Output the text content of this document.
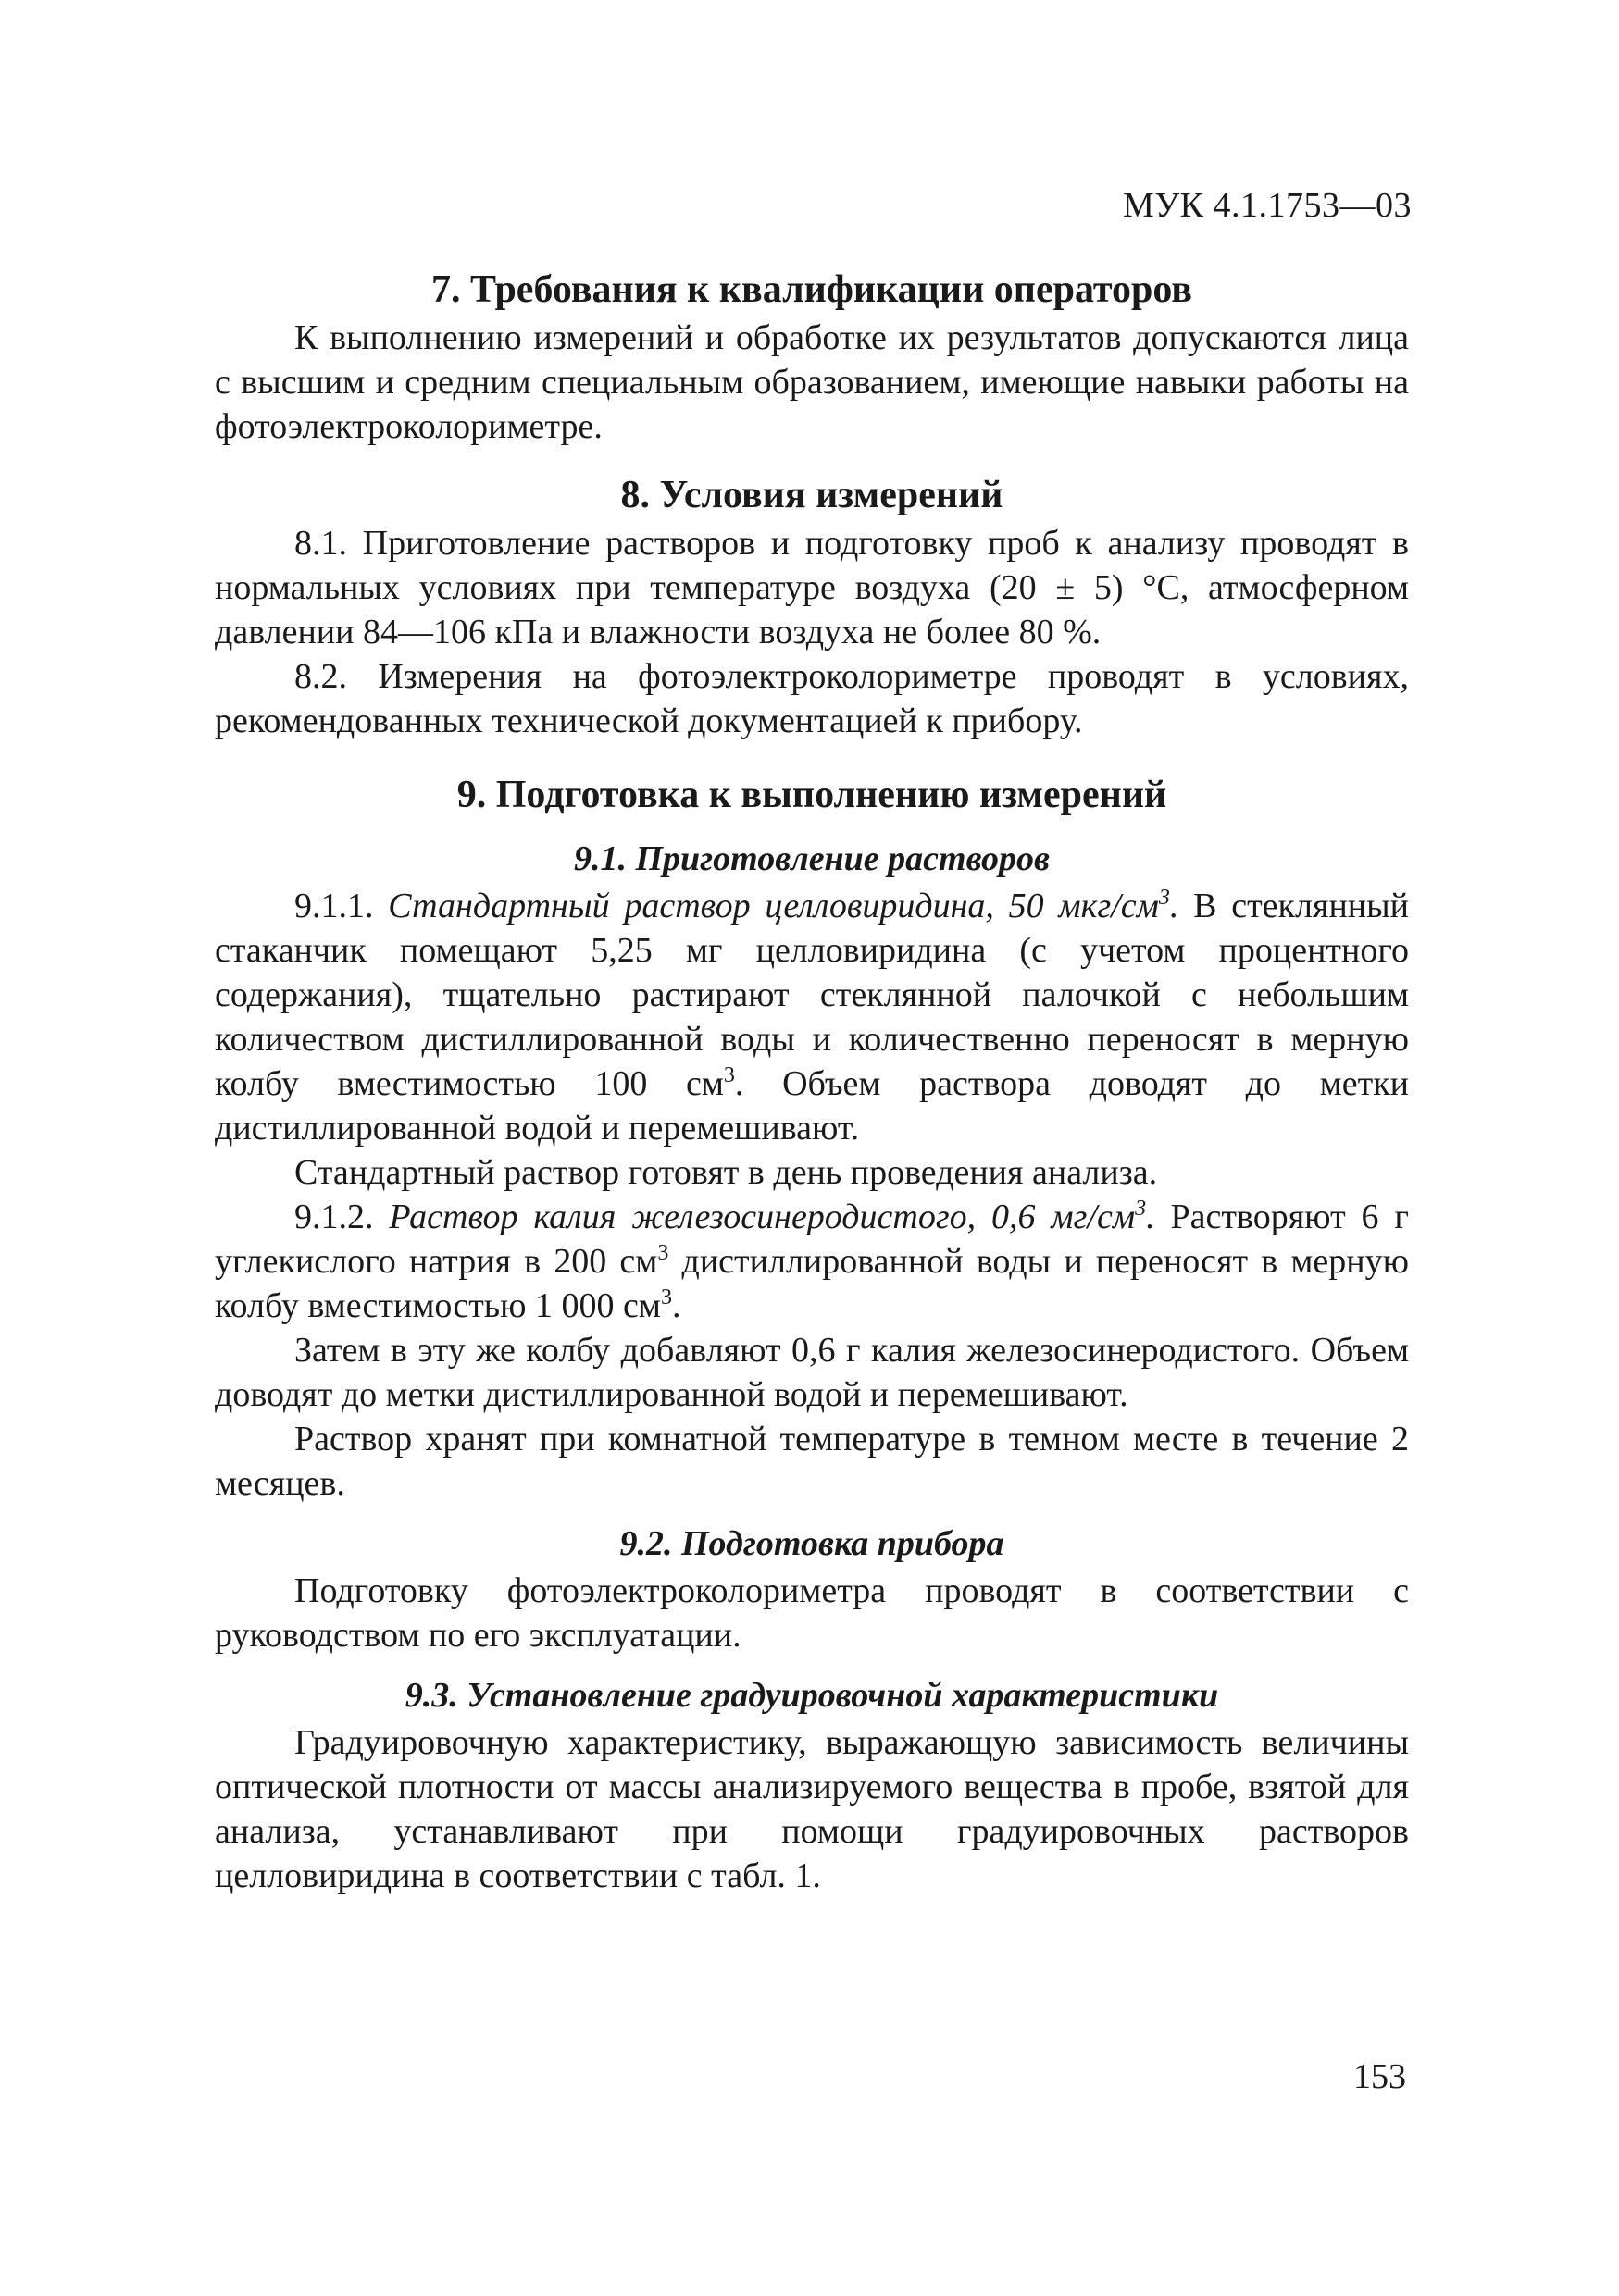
МУК 4.1.1753—03
7. Требования к квалификации операторов

К выполнению измерений и обработке их результатов допускаются лица с высшим и средним специальным образованием, имеющие навыки работы на фотоэлектроколориметре.

8. Условия измерений

8.1. Приготовление растворов и подготовку проб к анализу проводят в нормальных условиях при температуре воздуха (20 ± 5) °С, атмосферном давлении 84—106 кПа и влажности воздуха не более 80 %.

8.2. Измерения на фотоэлектроколориметре проводят в условиях, рекомендованных технической документацией к прибору.

9. Подготовка к выполнению измерений
9.1. Приготовление растворов

9.1.1. Стандартный раствор целловиридина, 50 мкг/$см^3$. В стеклянный стаканчик помещают 5,25 мг целловиридина (с учетом процентного содержания), тщательно растирают стеклянной палочкой с небольшим количеством дистиллированной воды и количественно переносят в мерную колбу вместимостью 100 $см^3$. Объем раствора доводят до метки дистиллированной водой и перемешивают.

Стандартный раствор готовят в день проведения анализа.

9.1.2. Раствор калия железосинеродистого, 0,6 $мг/см^3$. Растворяют 6 г углекислого натрия в 200 $см^3$ дистиллированной воды и переносят в мерную колбу вместимостью 1 000 $см^3$.

Затем в эту же колбу добавляют 0,6 г калия железосинеродистого. Объем доводят до метки дистиллированной водой и перемешивают.

Раствор хранят при комнатной температуре в темном месте в течение 2 месяцев.

9.2. Подготовка прибора

Подготовку фотоэлектроколориметра проводят в соответствии с руководством по его эксплуатации.

9.3. Установление градуировочной характеристики

Градуировочную характеристику, выражающую зависимость величины оптической плотности от массы анализируемого вещества в пробе, взятой для анализа, устанавливают при помощи градуировочных растворов целловиридина в соответствии с табл. 1.

153
